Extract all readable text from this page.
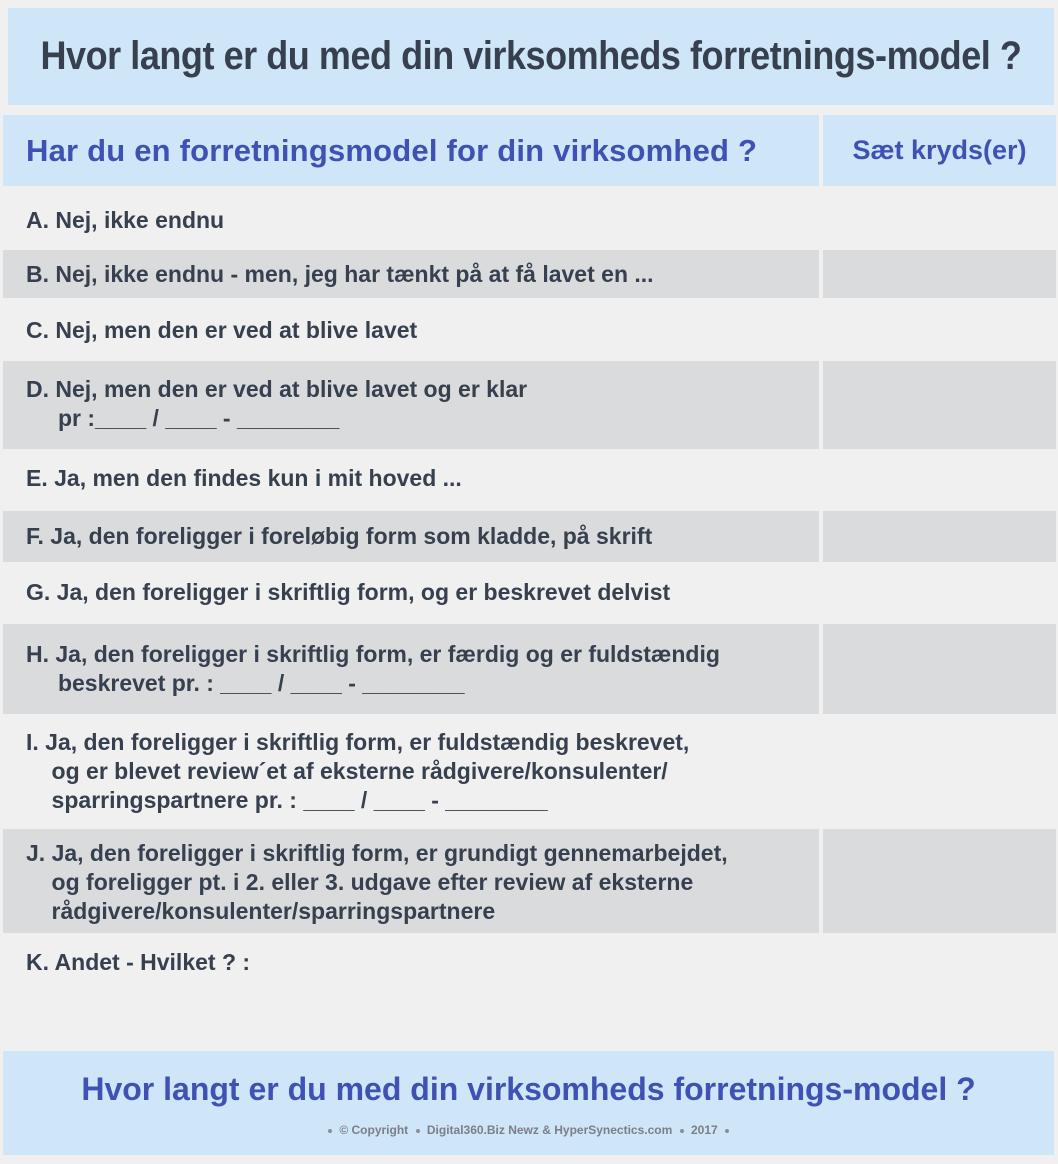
Hvor langt er du med din virksomheds forretnings-model ?
Har du en forretningsmodel for din virksomhed ?	Sæt kryds(er)
A. Nej, ikke endnu
B. Nej, ikke endnu - men, jeg har tænkt på at få lavet en ...
C. Nej, men den er ved at blive lavet
D. Nej, men den er ved at blive lavet og er klar
pr :____ / ____ - ________
E. Ja, men den findes kun i mit hoved ...
F. Ja, den foreligger i foreløbig form som kladde, på skrift
G. Ja, den foreligger i skriftlig form, og er beskrevet delvist
H. Ja, den foreligger i skriftlig form, er færdig og er fuldstændig
beskrevet pr. : ____ / ____ - ________
I. Ja, den foreligger i skriftlig form, er fuldstændig beskrevet,
og er blevet review´et af eksterne rådgivere/konsulenter/
sparringspartnere pr. : ____ / ____ - ________
J. Ja, den foreligger i skriftlig form, er grundigt gennemarbejdet,
og foreligger pt. i 2. eller 3. udgave efter review af eksterne
rådgivere/konsulenter/sparringspartnere
K. Andet - Hvilket ? :
Hvor langt er du med din virksomheds forretnings-model ?
© Copyright Digital360.Biz Newz & HyperSynectics.com 2017
